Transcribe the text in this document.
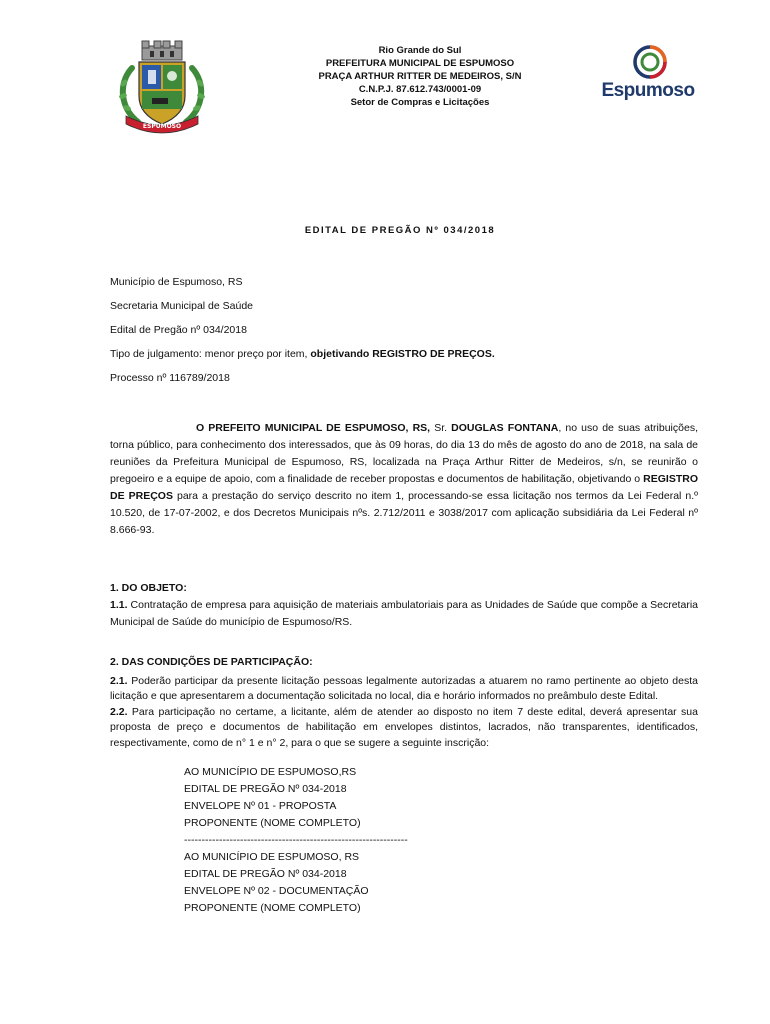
ESPUMOSO
Rio Grande do Sul
PREFEITURA MUNICIPAL DE ESPUMOSO
PRAÇA ARTHUR RITTER DE MEDEIROS, S/N
C.N.P.J. 87.612.743/0001-09
Setor de Compras e Licitações
Espumoso
EDITAL DE PREGÃO Nº 034/2018
Município de Espumoso, RS
Secretaria Municipal de Saúde
Edital de Pregão nº 034/2018
Tipo de julgamento: menor preço por item, objetivando REGISTRO DE PREÇOS.
Processo nº 116789/2018
O PREFEITO MUNICIPAL DE ESPUMOSO, RS, Sr. DOUGLAS FONTANA, no uso de suas atribuições, torna público, para conhecimento dos interessados, que às 09 horas, do dia 13 do mês de agosto do ano de 2018, na sala de reuniões da Prefeitura Municipal de Espumoso, RS, localizada na Praça Arthur Ritter de Medeiros, s/n, se reunirão o pregoeiro e a equipe de apoio, com a finalidade de receber propostas e documentos de habilitação, objetivando o REGISTRO DE PREÇOS para a prestação do serviço descrito no item 1, processando-se essa licitação nos termos da Lei Federal n.º 10.520, de 17-07-2002, e dos Decretos Municipais nºs. 2.712/2011 e 3038/2017 com aplicação subsidiária da Lei Federal nº 8.666-93.

1. DO OBJETO:

1.1. Contratação de empresa para aquisição de materiais ambulatoriais para as Unidades de Saúde que compõe a Secretaria Municipal de Saúde do município de Espumoso/RS.

2. DAS CONDIÇÕES DE PARTICIPAÇÃO:

2.1. Poderão participar da presente licitação pessoas legalmente autorizadas a atuarem no ramo pertinente ao objeto desta licitação e que apresentarem a documentação solicitada no local, dia e horário informados no preâmbulo deste Edital.

2.2. Para participação no certame, a licitante, além de atender ao disposto no item 7 deste edital, deverá apresentar sua proposta de preço e documentos de habilitação em envelopes distintos, lacrados, não transparentes, identificados, respectivamente, como de n° 1 e n° 2, para o que se sugere a seguinte inscrição:

AO MUNICÍPIO DE ESPUMOSO,RS
EDITAL DE PREGÃO Nº 034-2018
ENVELOPE Nº 01 - PROPOSTA
PROPONENTE (NOME COMPLETO)
----------------------------------------------------------------
AO MUNICÍPIO DE ESPUMOSO, RS
EDITAL DE PREGÃO Nº 034-2018
ENVELOPE Nº 02 - DOCUMENTAÇÃO
PROPONENTE (NOME COMPLETO)
